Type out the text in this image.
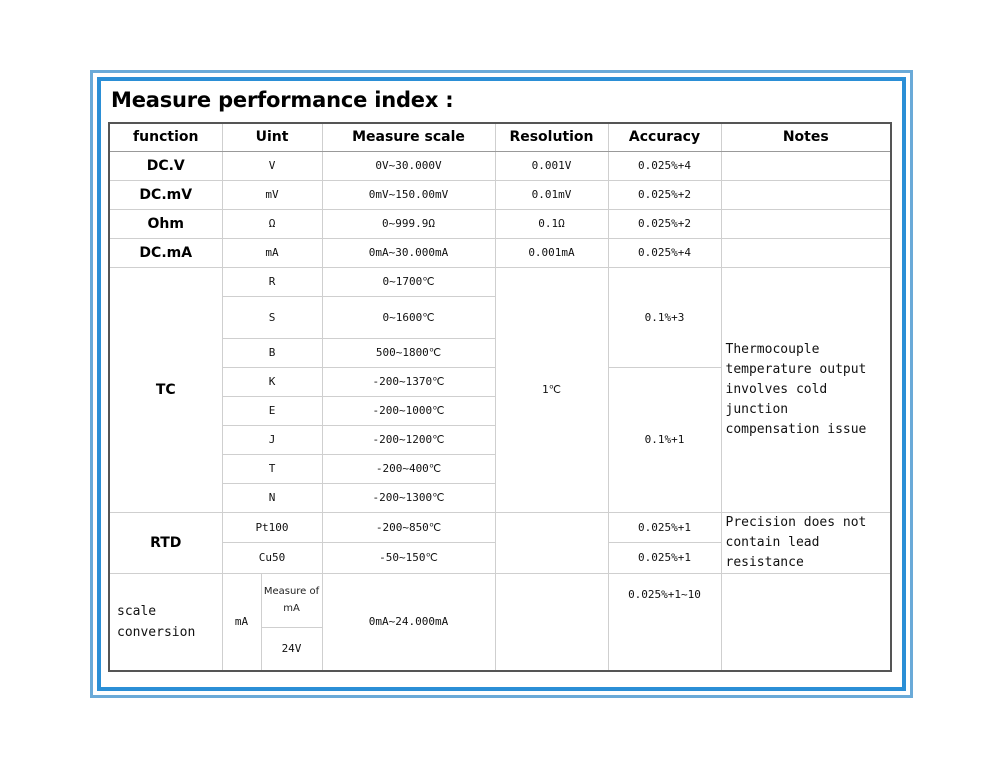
Measure performance index :
function	Uint		Measure scale	Resolution	Accuracy	Notes
DC.V	V		0V~30.000V	0.001V	0.025%+4	
DC.mV	mV		0mV~150.00mV	0.01mV	0.025%+2	
Ohm	Ω		0~999.9Ω	0.1Ω	0.025%+2	
DC.mA	mA		0mA~30.000mA	0.001mA	0.025%+4	
TC	R		0~1700℃	1℃	0.1%+3	Thermocouple temperature output involves cold junction compensation issue
	S		0~1600℃			
	B		500~1800℃			
	K		-200~1370℃		0.1%+1	
	E		-200~1000℃			
	J		-200~1200℃			
	T		-200~400℃			
	N		-200~1300℃			
RTD	Pt100		-200~850℃		0.025%+1	Precision does not contain lead resistance
	Cu50		-50~150℃		0.025%+1	
scale conversion	mA	Measure of mA	0mA~24.000mA		0.025%+1~10	
		24V				
